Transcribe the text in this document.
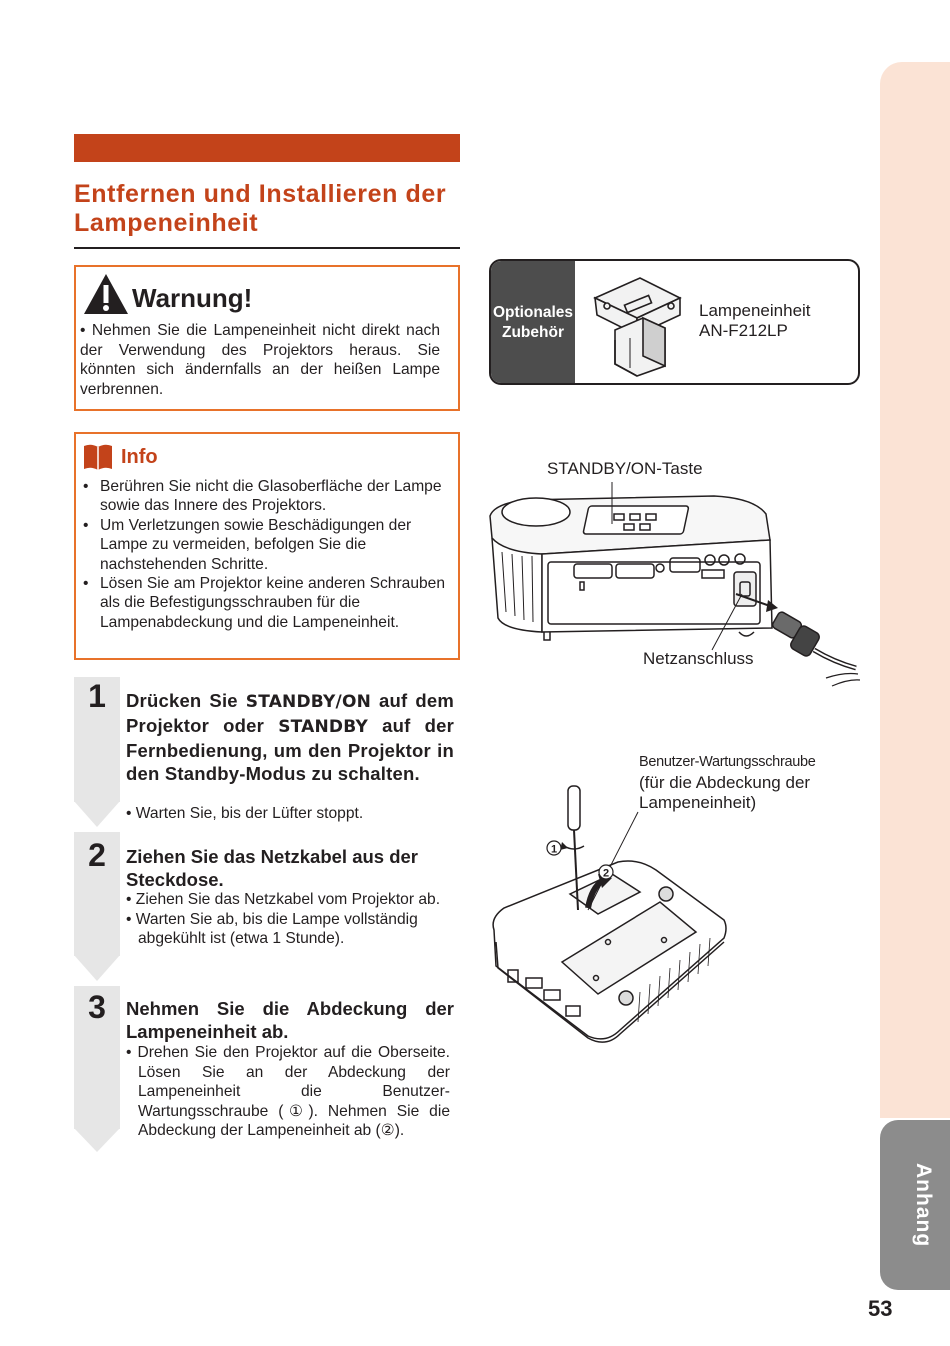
Anhang
53
Entfernen und Installieren der Lampeneinheit
Warnung!
• Nehmen Sie die Lampeneinheit nicht direkt nach der Verwendung des Projektors heraus. Sie könnten sich ändernfalls an der heißen Lampe verbrennen.
Info
• Berühren Sie nicht die Glasoberfläche der Lampe sowie das Innere des Projektors.
• Um Verletzungen sowie Beschädigungen der Lampe zu vermeiden, befolgen Sie die nachstehenden Schritte.
• Lösen Sie am Projektor keine anderen Schrauben als die Befestigungsschrauben für die Lampenabdeckung und die Lampeneinheit.
1	Drücken Sie STANDBY/ON auf dem Projektor oder STANDBY auf der Fernbedienung, um den Projektor in den Standby-Modus zu schalten.
• Warten Sie, bis der Lüfter stoppt.
2	Ziehen Sie das Netzkabel aus der Steckdose.
• Ziehen Sie das Netzkabel vom Projektor ab.
• Warten Sie ab, bis die Lampe vollständig abgekühlt ist (etwa 1 Stunde).
3	Nehmen Sie die Abdeckung der Lampeneinheit ab.
• Drehen Sie den Projektor auf die Oberseite. Lösen Sie an der Abdeckung der Lampeneinheit die Benutzer-Wartungsschraube (①). Nehmen Sie die Abdeckung der Lampeneinheit ab (②).
Optionales
Zubehör
Lampeneinheit
AN-F212LP
STANDBY/ON-Taste
Netzanschluss
Benutzer-Wartungsschraube
(für die Abdeckung der
Lampeneinheit)
1
2
